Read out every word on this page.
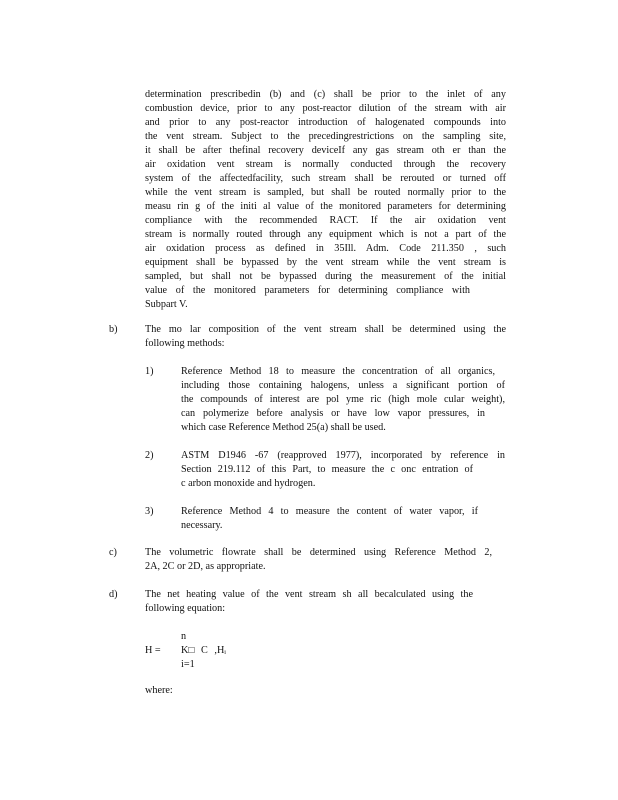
determination prescribedin (b) and (c) shall be prior to the inlet of any
combustion device, prior to any post-reactor dilution of the stream with air
and prior to any post-reactor introduction of halogenated compounds into
the vent stream. Subject to the precedingrestrictions on the sampling site,
it shall be after thefinal recovery deviceIf any gas stream oth er than the
air oxidation vent stream is normally conducted through the recovery
system of the affectedfacility, such stream shall be rerouted or turned off
while the vent stream is sampled, but shall be routed normally prior to the
measu rin g of the initi al value of the monitored parameters for determining
compliance with the recommended RACT. If the air oxidation vent
stream is normally routed through any equipment which is not a part of the
air oxidation process as defined in 35Ill. Adm. Code 211.350 , such
equipment shall be bypassed by the vent stream while the vent stream is
sampled, but shall not be bypassed during the measurement of the initial
value of the monitored parameters for determining compliance with
Subpart V.
b)	The mo lar composition of the vent stream shall be determined using the
following methods:
1)	Reference Method 18 to measure the concentration of all organics,
including those containing halogens, unless a significant portion of
the compounds of interest are pol yme ric (high mole cular weight),
can polymerize before analysis or have low vapor pressures, in
which case Reference Method 25(a) shall be used.
2)	ASTM D1946 -67 (reapproved 1977), incorporated by reference in
Section 219.112 of this Part, to measure the c onc entration of
c arbon monoxide and hydrogen.
3)	Reference Method 4 to measure the content of water vapor, if
necessary.
c)	The volumetric flowrate shall be determined using Reference Method 2,
2A, 2C or 2D, as appropriate.
d)	The net heating value of the vent stream sh all becalculated using the
following equation:
n
H = K□ C ,Hᵢ
i=1
where:
